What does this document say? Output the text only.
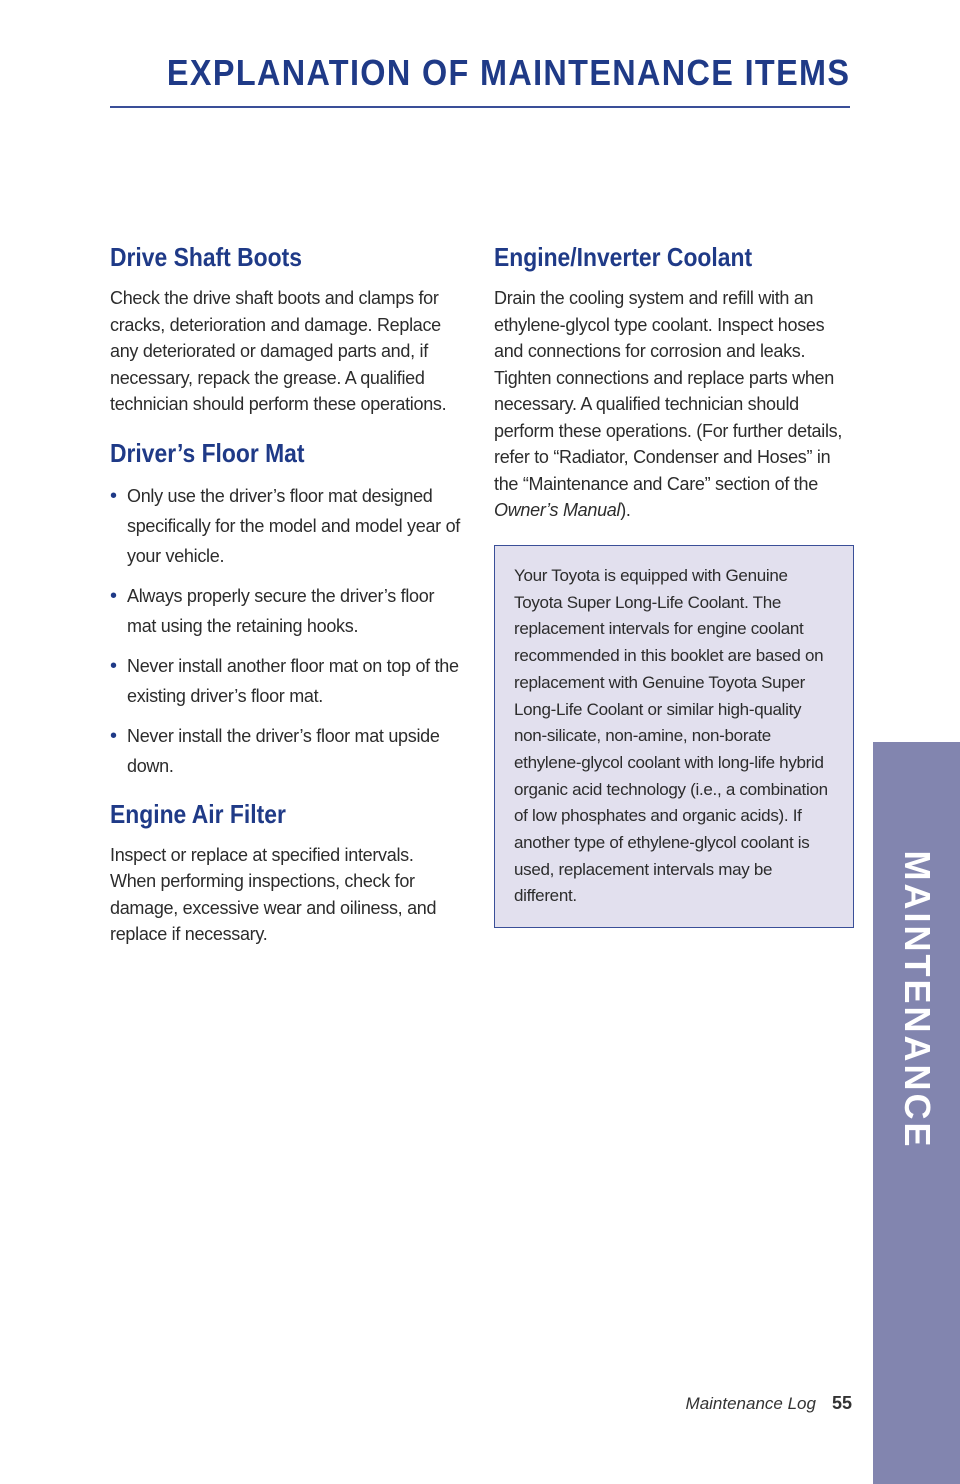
EXPLANATION OF MAINTENANCE ITEMS
Drive Shaft Boots

Check the drive shaft boots and clamps for cracks, deterioration and damage. Replace any deteriorated or damaged parts and, if necessary, repack the grease. A qualified technician should perform these operations.

Driver’s Floor Mat
• Only use the driver’s floor mat designed specifically for the model and model year of your vehicle.
• Always properly secure the driver’s floor mat using the retaining hooks.
• Never install another floor mat on top of the existing driver’s floor mat.
• Never install the driver’s floor mat upside down.
Engine Air Filter

Inspect or replace at specified intervals. When performing inspections, check for damage, excessive wear and oiliness, and replace if necessary.

Engine/Inverter Coolant

Drain the cooling system and refill with an ethylene-glycol type coolant. Inspect hoses and connections for corrosion and leaks. Tighten connections and replace parts when necessary. A qualified technician should perform these operations. (For further details, refer to “Radiator, Condenser and Hoses” in the “Maintenance and Care” section of the Owner’s Manual).

Your Toyota is equipped with Genuine Toyota Super Long-Life Coolant. The replacement intervals for engine coolant recommended in this booklet are based on replacement with Genuine Toyota Super Long-Life Coolant or similar high-quality non-silicate, non-amine, non-borate ethylene-glycol coolant with long-life hybrid organic acid technology (i.e., a combination of low phosphates and organic acids). If another type of ethylene-glycol coolant is used, replacement intervals may be different.	MAINTENANCE
Maintenance Log 55
